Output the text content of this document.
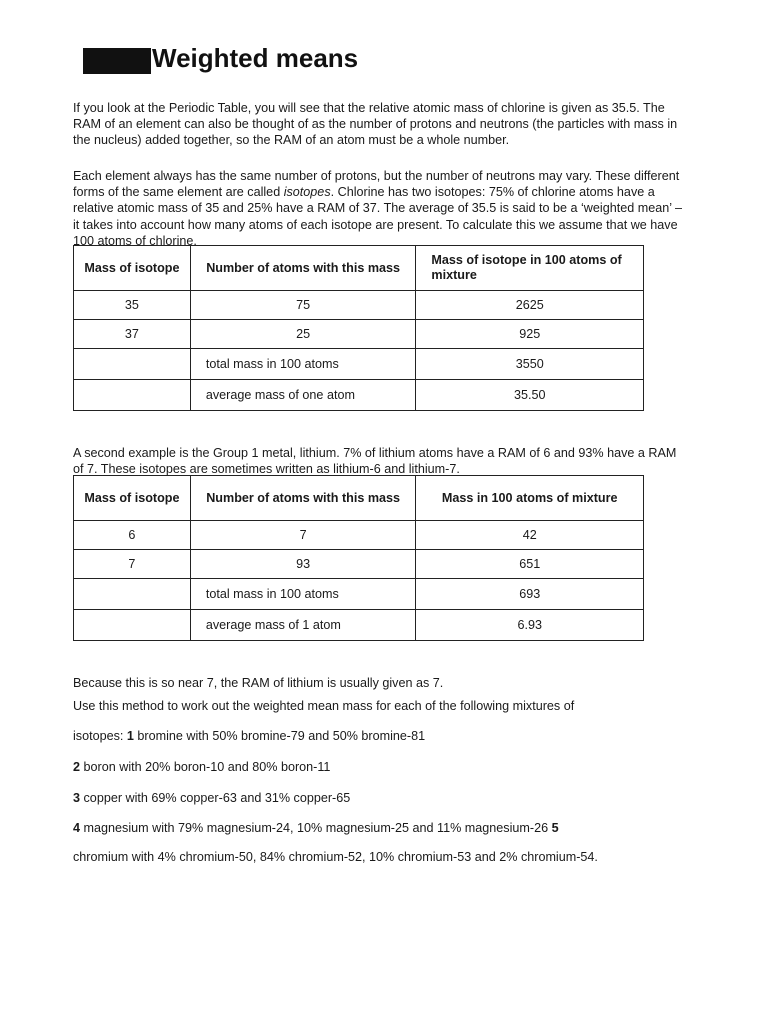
Weighted means

If you look at the Periodic Table, you will see that the relative atomic mass of chlorine is given as 35.5. The RAM of an element can also be thought of as the number of protons and neutrons (the particles with mass in the nucleus) added together, so the RAM of an atom must be a whole number.

Each element always has the same number of protons, but the number of neutrons may vary. These different forms of the same element are called isotopes. Chlorine has two isotopes: 75% of chlorine atoms have a relative atomic mass of 35 and 25% have a RAM of 37. The average of 35.5 is said to be a ‘weighted mean’ – it takes into account how many atoms of each isotope are present. To calculate this we assume that we have 100 atoms of chlorine.

Mass of isotope	Number of atoms with this mass	Mass of isotope in 100 atoms of mixture
35	75	2625
37	25	925
	total mass in 100 atoms	3550
	average mass of one atom	35.50

A second example is the Group 1 metal, lithium. 7% of lithium atoms have a RAM of 6 and 93% have a RAM of 7. These isotopes are sometimes written as lithium-6 and lithium-7.

Mass of isotope	Number of atoms with this mass	Mass in 100 atoms of mixture
6	7	42
7	93	651
	total mass in 100 atoms	693
	average mass of 1 atom	6.93

Because this is so near 7, the RAM of lithium is usually given as 7.

Use this method to work out the weighted mean mass for each of the following mixtures of

isotopes: 1 bromine with 50% bromine-79 and 50% bromine-81

2 boron with 20% boron-10 and 80% boron-11

3 copper with 69% copper-63 and 31% copper-65

4 magnesium with 79% magnesium-24, 10% magnesium-25 and 11% magnesium-26 5

chromium with 4% chromium-50, 84% chromium-52, 10% chromium-53 and 2% chromium-54.
